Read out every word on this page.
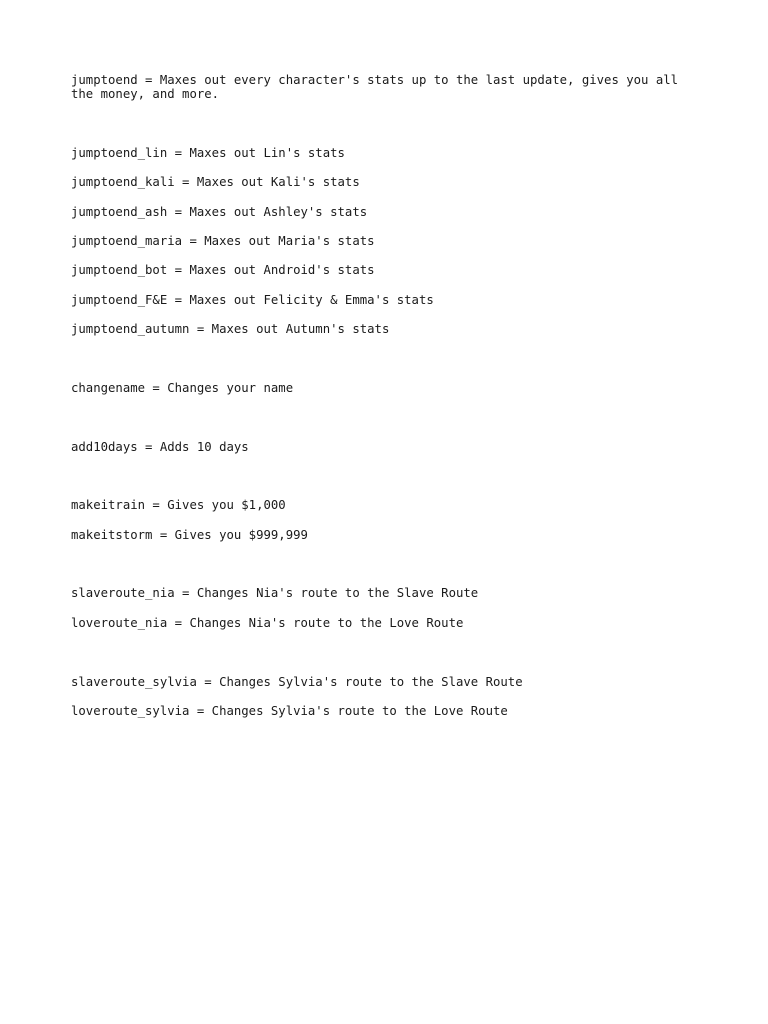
jumptoend = Maxes out every character's stats up to the last update, gives you all the money, and more.

jumptoend_lin = Maxes out Lin's stats

jumptoend_kali = Maxes out Kali's stats

jumptoend_ash = Maxes out Ashley's stats

jumptoend_maria = Maxes out Maria's stats

jumptoend_bot = Maxes out Android's stats

jumptoend_F&E = Maxes out Felicity & Emma's stats

jumptoend_autumn = Maxes out Autumn's stats

changename = Changes your name

add10days = Adds 10 days

makeitrain = Gives you $1,000

makeitstorm = Gives you $999,999

slaveroute_nia = Changes Nia's route to the Slave Route

loveroute_nia = Changes Nia's route to the Love Route

slaveroute_sylvia = Changes Sylvia's route to the Slave Route

loveroute_sylvia = Changes Sylvia's route to the Love Route
